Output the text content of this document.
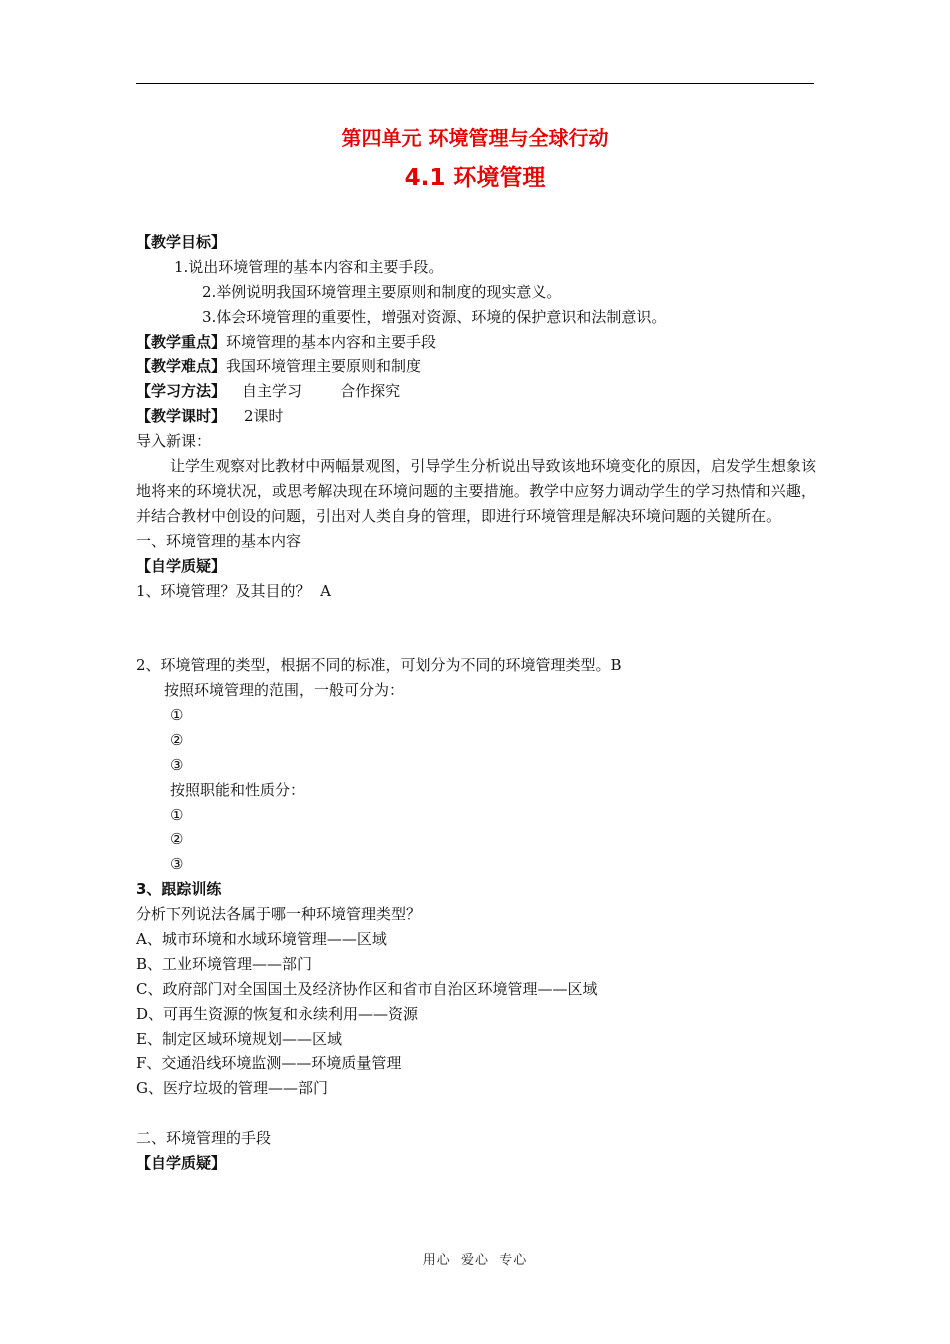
第四单元 环境管理与全球行动
4.1 环境管理
【教学目标】
1.说出环境管理的基本内容和主要手段。
2.举例说明我国环境管理主要原则和制度的现实意义。
3.体会环境管理的重要性，增强对资源、环境的保护意识和法制意识。
【教学重点】环境管理的基本内容和主要手段
【教学难点】我国环境管理主要原则和制度
【学习方法】 自主学习        合作探究
【教学课时】 2课时
导入新课：
让学生观察对比教材中两幅景观图，引导学生分析说出导致该地环境变化的原因，启发学生想象该地将来的环境状况，或思考解决现在环境问题的主要措施。教学中应努力调动学生的学习热情和兴趣，并结合教材中创设的问题，引出对人类自身的管理，即进行环境管理是解决环境问题的关键所在。
一、环境管理的基本内容
【自学质疑】
1、环境管理？及其目的？  A
2、环境管理的类型，根据不同的标准，可划分为不同的环境管理类型。B
按照环境管理的范围，一般可分为：
①
②
③
按照职能和性质分：
①
②
③
3、跟踪训练
分析下列说法各属于哪一种环境管理类型？
A、城市环境和水域环境管理——区域
B、工业环境管理——部门
C、政府部门对全国国土及经济协作区和省市自治区环境管理——区域
D、可再生资源的恢复和永续利用——资源
E、制定区域环境规划——区域
F、交通沿线环境监测——环境质量管理
G、医疗垃圾的管理——部门
二、环境管理的手段
【自学质疑】
用心  爱心  专心
